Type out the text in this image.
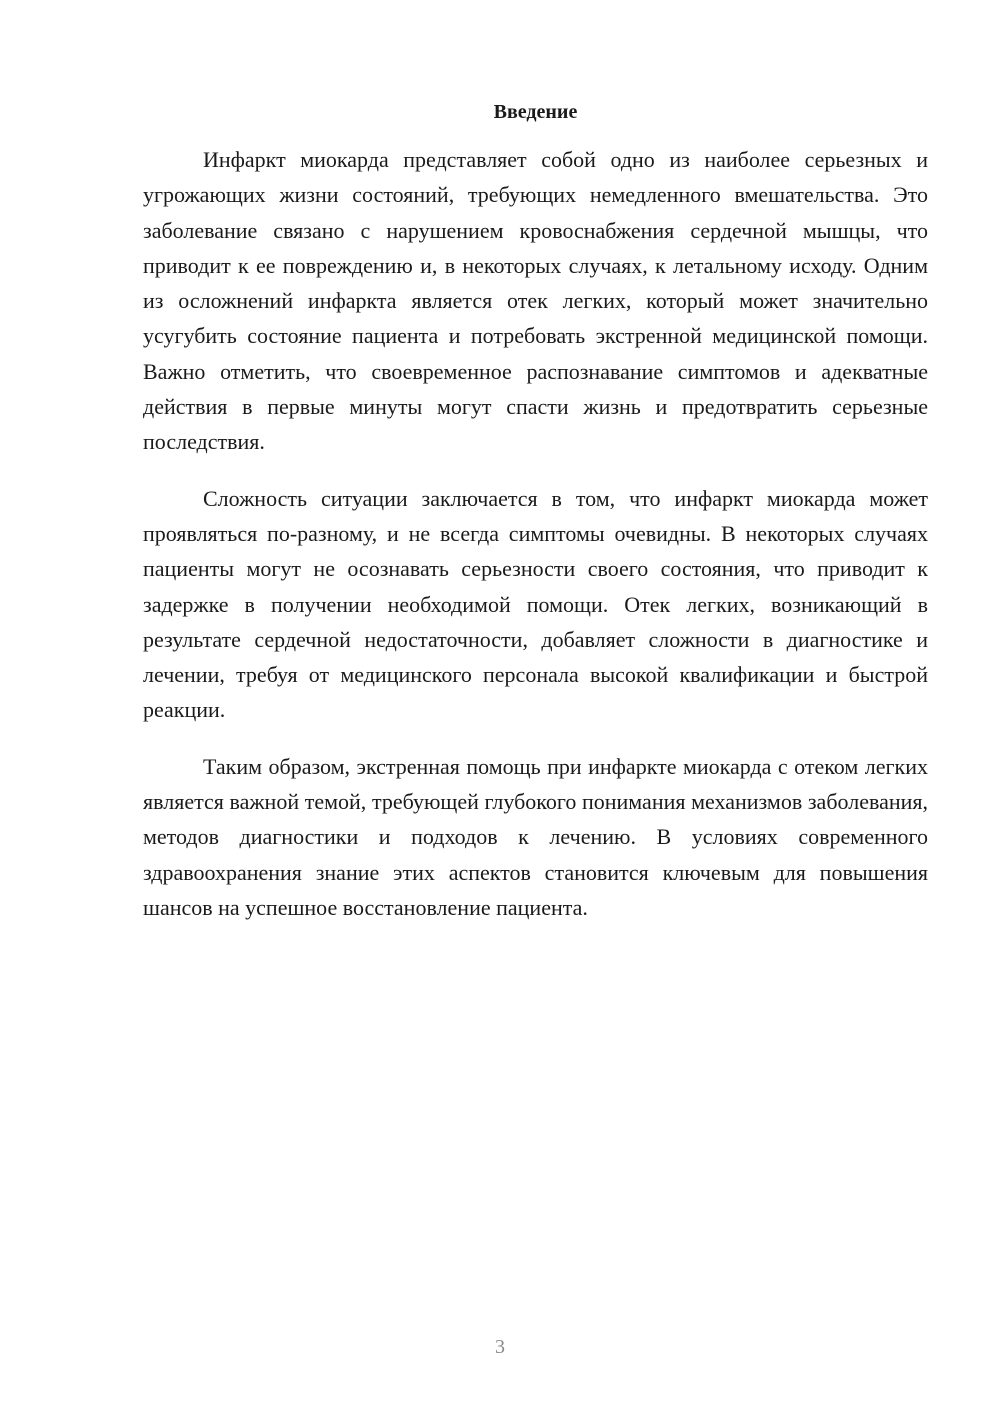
Введение

Инфаркт миокарда представляет собой одно из наиболее серьезных и угрожающих жизни состояний, требующих немедленного вмешательства. Это заболевание связано с нарушением кровоснабжения сердечной мышцы, что приводит к ее повреждению и, в некоторых случаях, к летальному исходу. Одним из осложнений инфаркта является отек легких, который может значительно усугубить состояние пациента и потребовать экстренной медицинской помощи. Важно отметить, что своевременное распознавание симптомов и адекватные действия в первые минуты могут спасти жизнь и предотвратить серьезные последствия.

Сложность ситуации заключается в том, что инфаркт миокарда может проявляться по-разному, и не всегда симптомы очевидны. В некоторых случаях пациенты могут не осознавать серьезности своего состояния, что приводит к задержке в получении необходимой помощи. Отек легких, возникающий в результате сердечной недостаточности, добавляет сложности в диагностике и лечении, требуя от медицинского персонала высокой квалификации и быстрой реакции.

Таким образом, экстренная помощь при инфаркте миокарда с отеком легких является важной темой, требующей глубокого понимания механизмов заболевания, методов диагностики и подходов к лечению. В условиях современного здравоохранения знание этих аспектов становится ключевым для повышения шансов на успешное восстановление пациента.

3
